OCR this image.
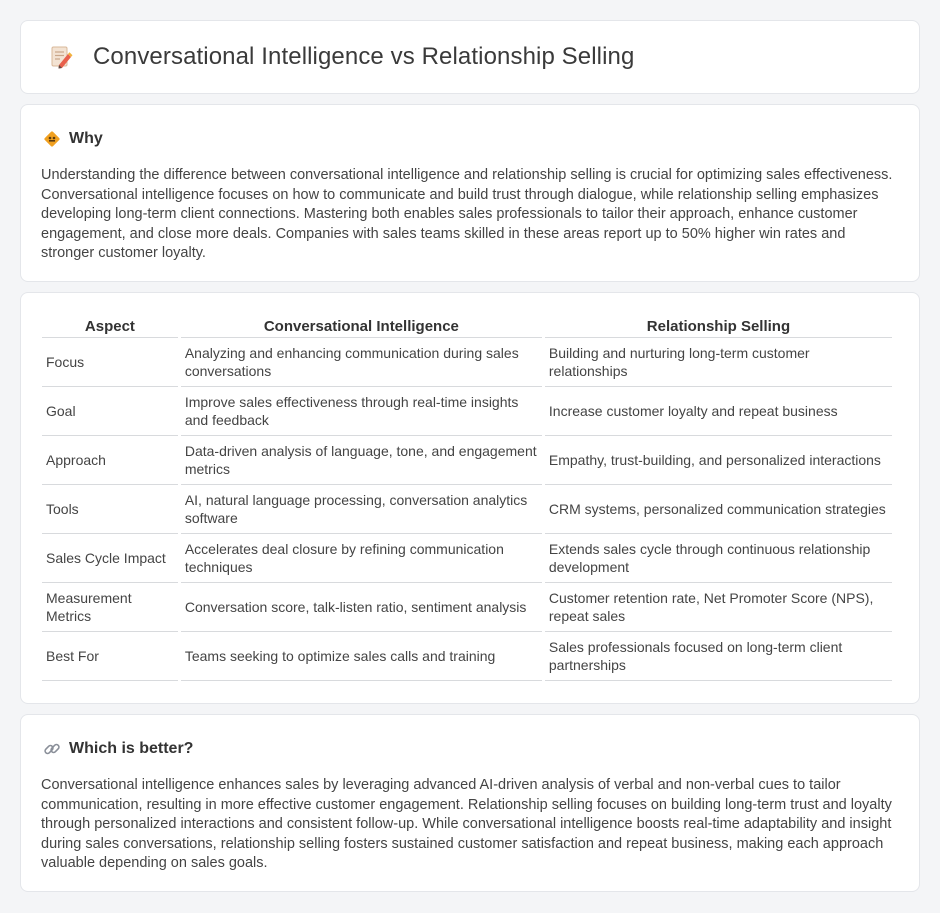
Conversational Intelligence vs Relationship Selling
Why

Understanding the difference between conversational intelligence and relationship selling is crucial for optimizing sales effectiveness. Conversational intelligence focuses on how to communicate and build trust through dialogue, while relationship selling emphasizes developing long-term client connections. Mastering both enables sales professionals to tailor their approach, enhance customer engagement, and close more deals. Companies with sales teams skilled in these areas report up to 50% higher win rates and stronger customer loyalty.

Aspect	Conversational Intelligence	Relationship Selling
Focus	Analyzing and enhancing communication during sales conversations	Building and nurturing long-term customer relationships
Goal	Improve sales effectiveness through real-time insights and feedback	Increase customer loyalty and repeat business
Approach	Data-driven analysis of language, tone, and engagement metrics	Empathy, trust-building, and personalized interactions
Tools	AI, natural language processing, conversation analytics software	CRM systems, personalized communication strategies
Sales Cycle Impact	Accelerates deal closure by refining communication techniques	Extends sales cycle through continuous relationship development
Measurement Metrics	Conversation score, talk-listen ratio, sentiment analysis	Customer retention rate, Net Promoter Score (NPS), repeat sales
Best For	Teams seeking to optimize sales calls and training	Sales professionals focused on long-term client partnerships
Which is better?

Conversational intelligence enhances sales by leveraging advanced AI-driven analysis of verbal and non-verbal cues to tailor communication, resulting in more effective customer engagement. Relationship selling focuses on building long-term trust and loyalty through personalized interactions and consistent follow-up. While conversational intelligence boosts real-time adaptability and insight during sales conversations, relationship selling fosters sustained customer satisfaction and repeat business, making each approach valuable depending on sales goals.
